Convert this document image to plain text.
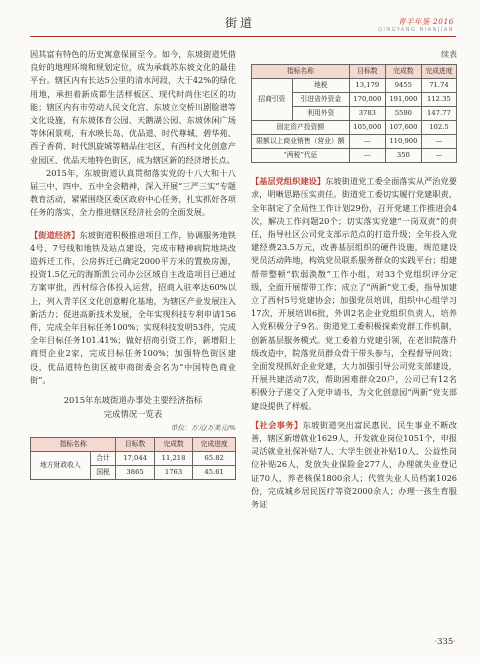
街道	青羊年鉴 2016
QINGYANG NIANJIAN

因其富有特色的历史寓意保留至今。如今，东坡街道凭借良好的地理环境和规划定位，成为承载苏东坡文化的最佳平台。辖区内有长达5公里的清水河段，大于42%的绿化用地，承担着新成都生活样板区、现代时尚住宅区的功能；辖区内有市劳动人民文化宫、东坡立交桥川剧脸谱等文化设施，有东坡体育公园、天鹅湖公园、东坡休闲广场等休闲景观，有水映长岛、优品道、时代尊城、碧华苑、西子香荷、时代凯旋城等精品住宅区，有西村文化创意产业园区、优品天地特色街区，成为辖区新的经济增长点。

2015年，东坡街道认真贯彻落实党的十八大和十八届三中、四中、五中全会精神，深入开展“三严三实”专题教育活动，紧紧围绕区委区政府中心任务，扎实抓好各项任务的落实，全力推进辖区经济社会的全面发展。

【街道经济】东坡街道积极推进项目工作，协调服务地铁4号、7号线和地铁及站点建设，完成市精神病院地块改造拆迁工作，公房拆迁已确定2000平方米的置换房源，投资1.5亿元的海斯凯公司办公区域自主改造项目已通过方案审批，西村综合体投入运营，招商入驻率达60%以上，列入青羊区文化创意孵化基地，为辖区产业发展注入新活力；促进高新技术发展，全年实现科技专利申请156件，完成全年目标任务100%；实现科技发明53件，完成全年目标任务101.41%；做好招商引资工作，新增阳上商贸企业2家，完成目标任务100%；加强特色街区建设，优品道特色街区被申商街委会名为“中国特色商业街”。

2015年东坡街道办事处主要经济指标
完成情况一览表
单位：万元/万美元/%
指标名称		目标数	完成数	完成进度
地方财政收入	合计	17,044	11,218	65.82
	国税	3865	1763	45.61
续表
指标名称		目标数	完成数	完成进度
招商引资	地税	13,179	9455	71.74
	引进省外资金	170,000	191,000	112.35
	利用外资	3783	5590	147.77
固定资产投资额		105,000	107,600	102.5
限额以上商业销售（营业）额		—	110,900	—
“两税”代征		—	350	—

【基层党组织建设】东坡街道党工委全面落实从严治党要求，明晰思路压实责任。街道党工委切实履行党建职责，全年制定了全局性工作计划29份，召开党建工作推进会4次，解决工作问题20个；切实落实党建“一岗双责”的责任，指导社区公司党支部示范点的打造升级；全年投入党建经费23.5万元，改善基层组织的硬件设施，规范建设党员活动阵地，构筑党员联系服务群众的实践平台；组建帮带整顿“软弱涣散”工作小组，对33个党组织评分定级，全面开展帮带工作；成立了“两新”党工委，指导加建立了西村5号党建协会；加强党员培训，组织中心组学习17次，开展培训6批，外训2名企业党组织负责人，培养入党积极分子9名。街道党工委积极探索党群工作机制，创新基层服务模式。党工委着力党建引领，在老旧院落升级改造中，院落党员群众骨干带头参与，全程督导问效；全面发现抓好企业党建，大力加强引导公司党支部建设，开展共建活动7次，帮助困难群众20户，公司已有12名积极分子递交了入党申请书，为文化创意园“两新”党支部建设提供了样板。

【社会事务】东坡街道突出富民惠民，民生事业不断改善，辖区新增就业1629人，开发就业岗位1051个，申报灵活就业社保补贴7人、大学生创业补贴10人、公益性岗位补贴26人，发放失业保险金277人，办理就失业登记证70人，养老核保1800余人；代管失业人员档案1026份，完成城乡居民医疗等资2000余人；办理一孩生育服务证

·335·
